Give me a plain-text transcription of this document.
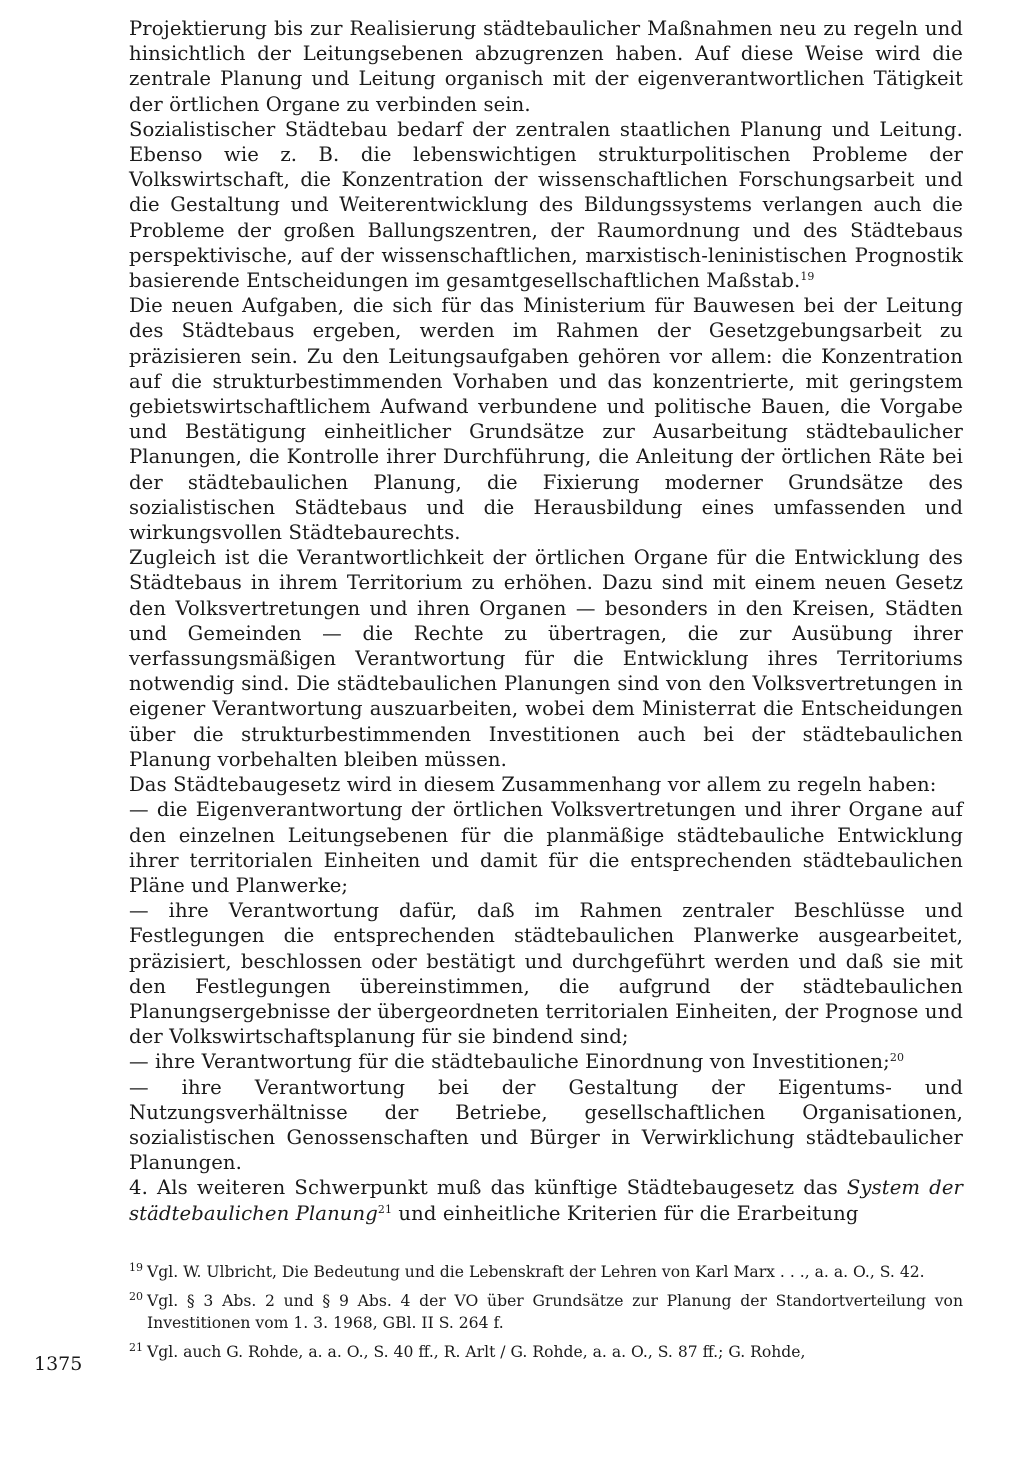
1375

Projektierung bis zur Realisierung städtebaulicher Maßnahmen neu zu regeln und hinsichtlich der Leitungsebenen abzugrenzen haben. Auf diese Weise wird die zentrale Planung und Leitung organisch mit der eigenverantwortlichen Tätigkeit der örtlichen Organe zu verbinden sein.

Sozialistischer Städtebau bedarf der zentralen staatlichen Planung und Leitung. Ebenso wie z. B. die lebenswichtigen strukturpolitischen Probleme der Volkswirtschaft, die Konzentration der wissenschaftlichen Forschungsarbeit und die Gestaltung und Weiterentwicklung des Bildungssystems verlangen auch die Probleme der großen Ballungszentren, der Raumordnung und des Städtebaus perspektivische, auf der wissenschaftlichen, marxistisch-leninistischen Prognostik basierende Entscheidungen im gesamtgesellschaftlichen Maßstab.$^{19}$

Die neuen Aufgaben, die sich für das Ministerium für Bauwesen bei der Leitung des Städtebaus ergeben, werden im Rahmen der Gesetzgebungsarbeit zu präzisieren sein. Zu den Leitungsaufgaben gehören vor allem: die Konzentration auf die strukturbestimmenden Vorhaben und das konzentrierte, mit geringstem gebietswirtschaftlichem Aufwand verbundene und politische Bauen, die Vorgabe und Bestätigung einheitlicher Grundsätze zur Ausarbeitung städtebaulicher Planungen, die Kontrolle ihrer Durchführung, die Anleitung der örtlichen Räte bei der städtebaulichen Planung, die Fixierung moderner Grundsätze des sozialistischen Städtebaus und die Herausbildung eines umfassenden und wirkungsvollen Städtebaurechts.

Zugleich ist die Verantwortlichkeit der örtlichen Organe für die Entwicklung des Städtebaus in ihrem Territorium zu erhöhen. Dazu sind mit einem neuen Gesetz den Volksvertretungen und ihren Organen — besonders in den Kreisen, Städten und Gemeinden — die Rechte zu übertragen, die zur Ausübung ihrer verfassungsmäßigen Verantwortung für die Entwicklung ihres Territoriums notwendig sind. Die städtebaulichen Planungen sind von den Volksvertretungen in eigener Verantwortung auszuarbeiten, wobei dem Ministerrat die Entscheidungen über die strukturbestimmenden Investitionen auch bei der städtebaulichen Planung vorbehalten bleiben müssen.

Das Städtebaugesetz wird in diesem Zusammenhang vor allem zu regeln haben:

— die Eigenverantwortung der örtlichen Volksvertretungen und ihrer Organe auf den einzelnen Leitungsebenen für die planmäßige städtebauliche Entwicklung ihrer territorialen Einheiten und damit für die entsprechenden städtebaulichen Pläne und Planwerke;

— ihre Verantwortung dafür, daß im Rahmen zentraler Beschlüsse und Festlegungen die entsprechenden städtebaulichen Planwerke ausgearbeitet, präzisiert, beschlossen oder bestätigt und durchgeführt werden und daß sie mit den Festlegungen übereinstimmen, die aufgrund der städtebaulichen Planungsergebnisse der übergeordneten territorialen Einheiten, der Prognose und der Volkswirtschaftsplanung für sie bindend sind;

— ihre Verantwortung für die städtebauliche Einordnung von Investitionen;$^{20}$

— ihre Verantwortung bei der Gestaltung der Eigentums- und Nutzungsverhältnisse der Betriebe, gesellschaftlichen Organisationen, sozialistischen Genossenschaften und Bürger in Verwirklichung städtebaulicher Planungen.

4. Als weiteren Schwerpunkt muß das künftige Städtebaugesetz das System der städtebaulichen Planung$^{21}$ und einheitliche Kriterien für die Erarbeitung

19 Vgl. W. Ulbricht, Die Bedeutung und die Lebenskraft der Lehren von Karl Marx . . ., a. a. O., S. 42.

20 Vgl. § 3 Abs. 2 und § 9 Abs. 4 der VO über Grundsätze zur Planung der Standortverteilung von Investitionen vom 1. 3. 1968, GBl. II S. 264 f.

21 Vgl. auch G. Rohde, a. a. O., S. 40 ff., R. Arlt / G. Rohde, a. a. O., S. 87 ff.; G. Rohde,
